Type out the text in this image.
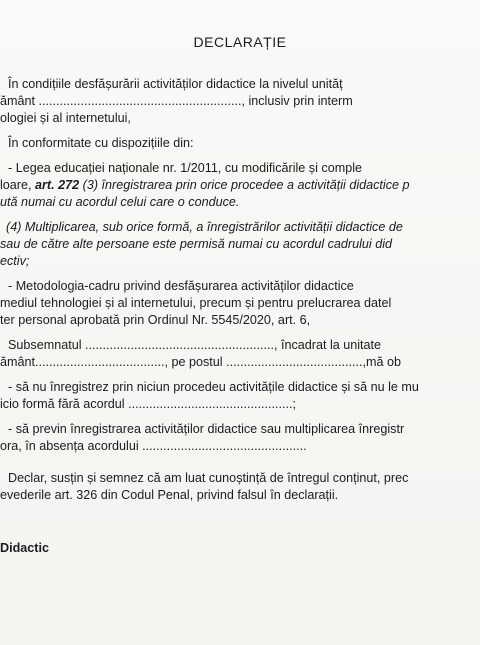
DECLARAȚIE
În condițiile desfășurării activităților didactice la nivelul unităț
ământ .........................................................., inclusiv prin interm
ologiei și al internetului,
În conformitate cu dispozițiile din:
- Legea educației naționale nr. 1/2011, cu modificările și comple
loare, art. 272 (3) înregistrarea prin orice procedee a activității didactice p
ută numai cu acordul celui care o conduce.
(4) Multiplicarea, sub orice formă, a înregistrărilor activității didactice de
sau de către alte persoane este permisă numai cu acordul cadrului did
ectiv;
- Metodologia-cadru privind desfășurarea activităților didactice
mediul tehnologiei și al internetului, precum și pentru prelucrarea datel
ter personal aprobată prin Ordinul Nr. 5545/2020, art. 6,
Subsemnatul ......................................................, încadrat la unitate
ământ....................................., pe postul .......................................,mă ob
- să nu înregistrez prin niciun procedeu activitățile didactice și să nu le mu
icio formă fără acordul ...............................................;
- să previn înregistrarea activităților didactice sau multiplicarea înregistr
ora, în absența acordului ...............................................
Declar, susțin și semnez că am luat cunoștință de întregul conținut, prec
evederile art. 326 din Codul Penal, privind falsul în declarații.
Didactic
